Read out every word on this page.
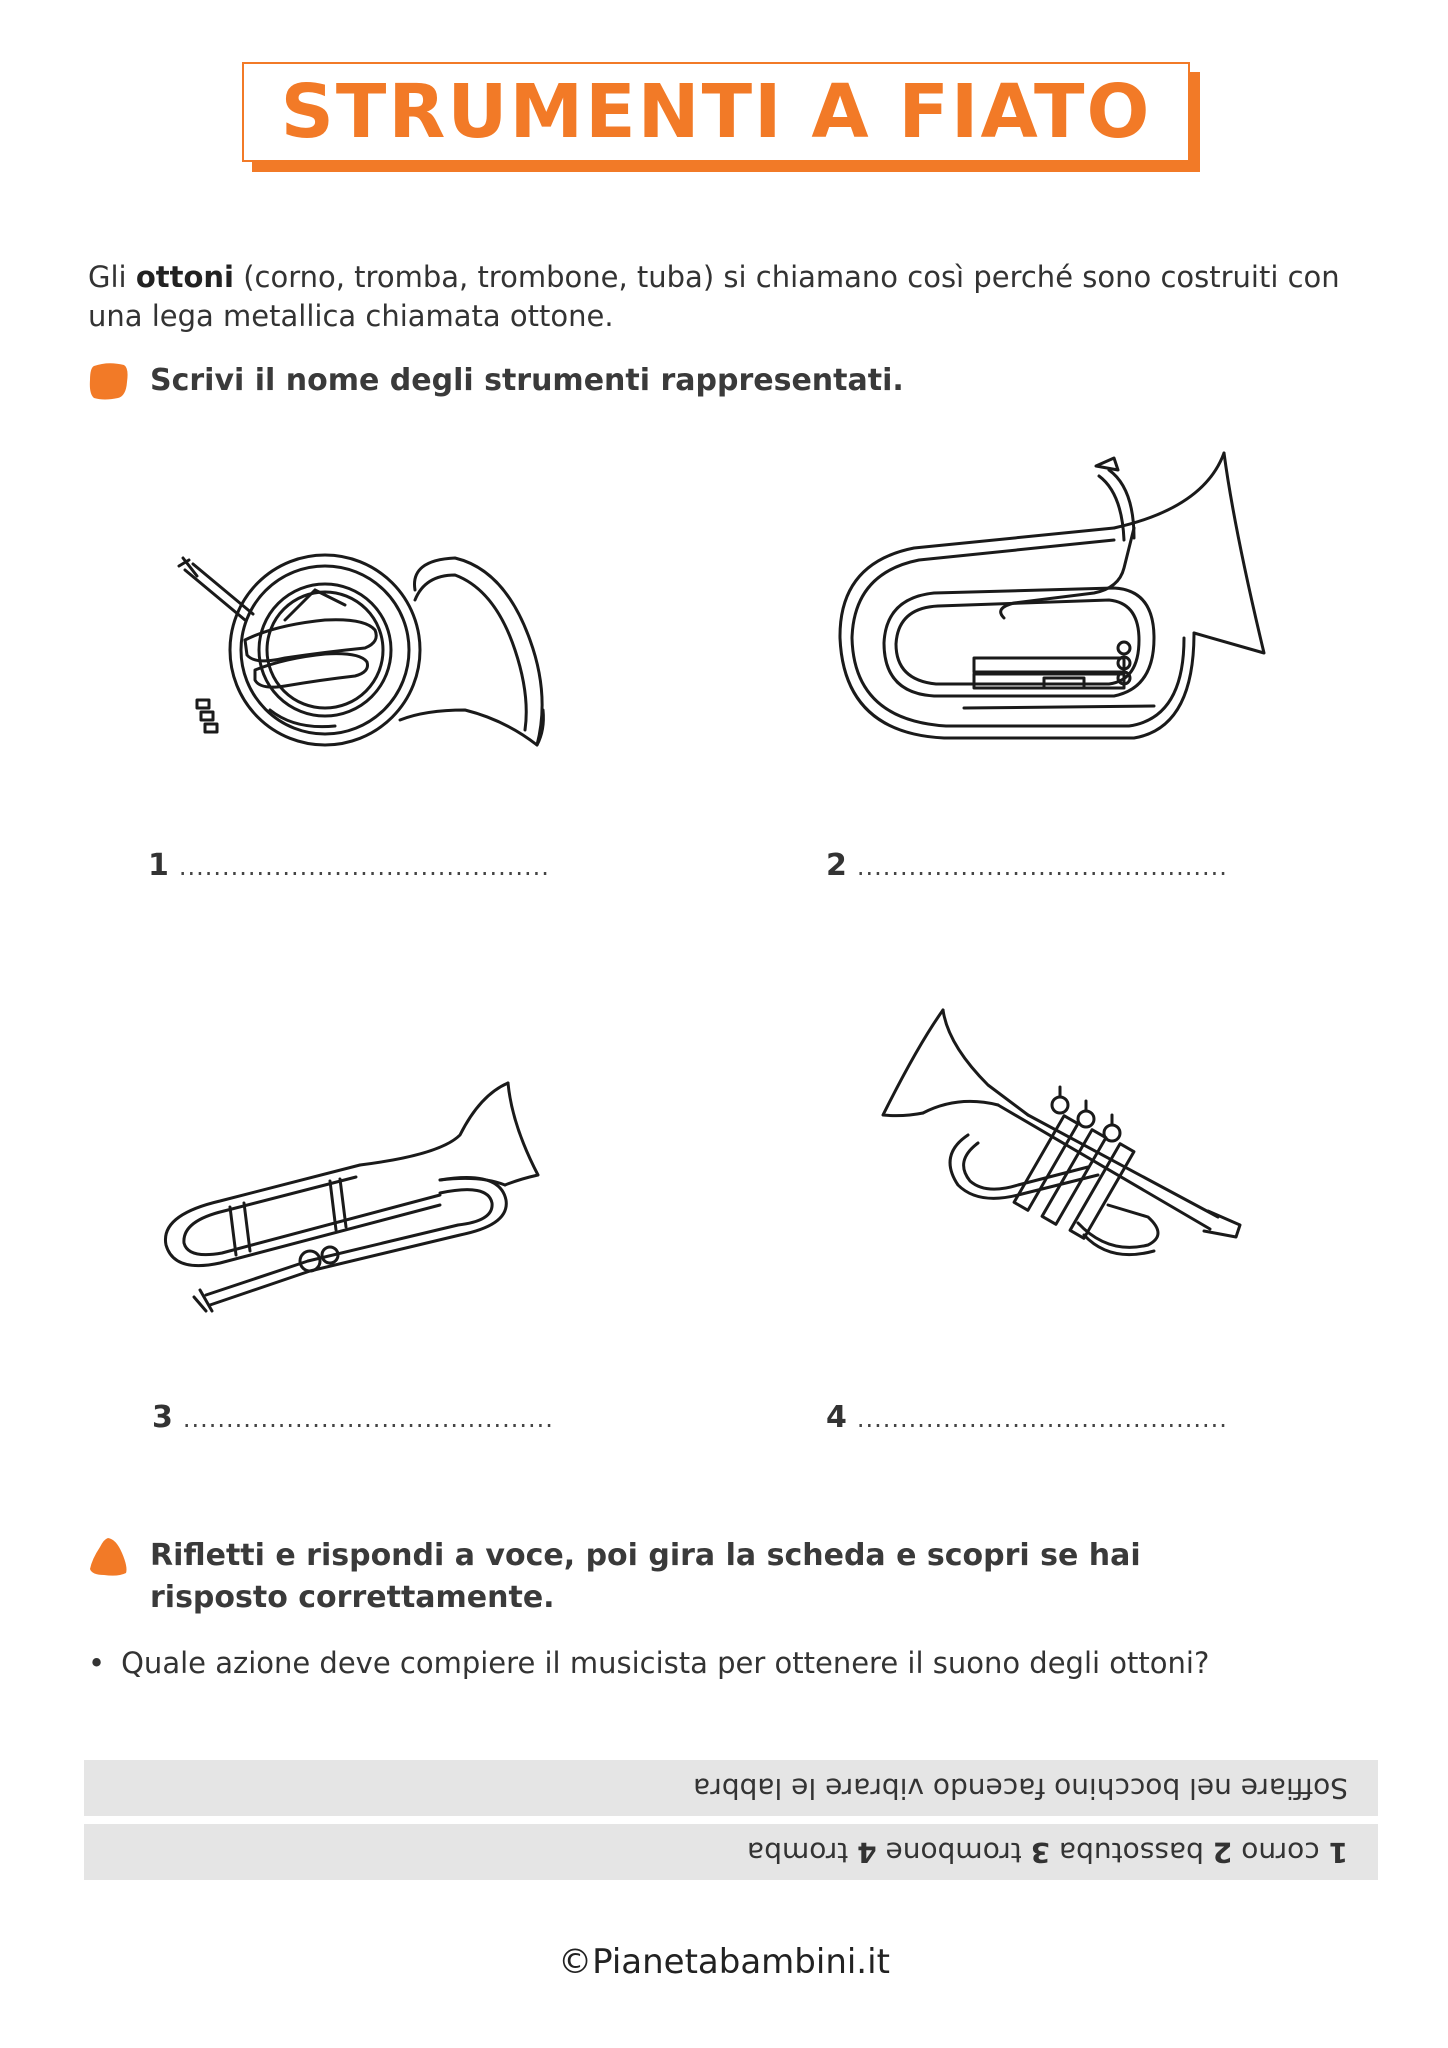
STRUMENTI A FIATO
Gli ottoni (corno, tromba, trombone, tuba) si chiamano così perché sono costruiti con una lega metallica chiamata ottone.
Scrivi il nome degli strumenti rappresentati.
1 ...........................................	2 ...........................................
3 ...........................................	4 ...........................................
Rifletti e rispondi a voce, poi gira la scheda e scopri se hai risposto correttamente.
• Quale azione deve compiere il musicista per ottenere il suono degli ottoni?
Soffiare nel bocchino facendo vibrare le labbra
1 corno 2 bassotuba 3 trombone 4 tromba
©Pianetabambini.it
